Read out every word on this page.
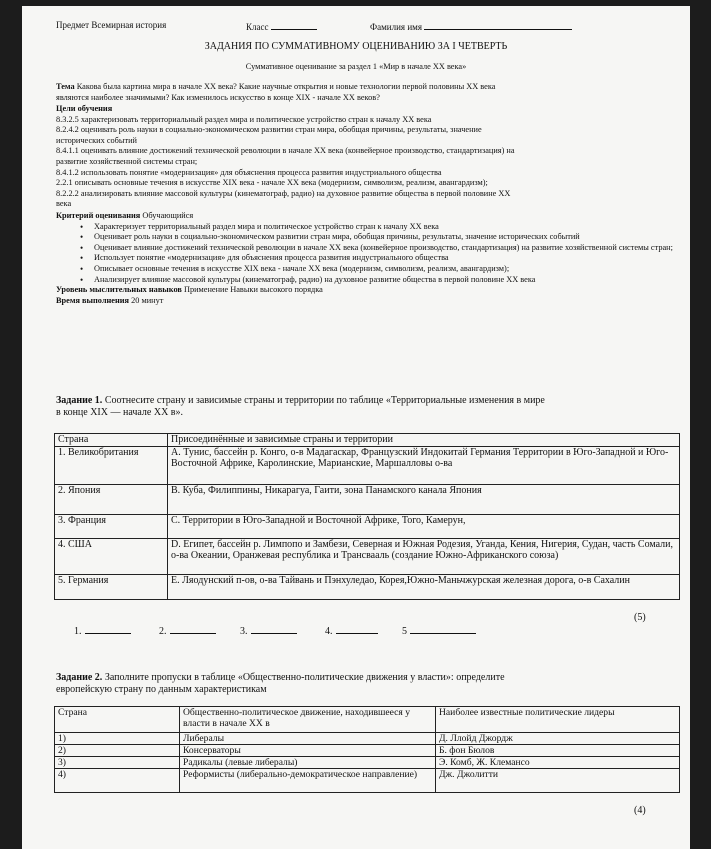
Предмет Всемирная история	Класс	Фамилия имя
ЗАДАНИЯ ПО СУММАТИВНОМУ ОЦЕНИВАНИЮ ЗА I ЧЕТВЕРТЬ
Суммативное оценивание за раздел 1 «Мир в начале ХХ века»

Тема Какова была картина мира в начале ХХ века? Какие научные открытия и новые технологии первой половины ХХ века

являются наиболее значимыми? Как изменилось искусство в конце XIX - начале ХХ веков?

Цели обучения

8.3.2.5 характеризовать территориальный раздел мира и политическое устройство стран к началу ХХ века

8.2.4.2 оценивать роль науки в социально-экономическом развитии стран мира, обобщая причины, результаты, значение

исторических событий

8.4.1.1 оценивать влияние достижений технической революции в начале ХХ века (конвейерное производство, стандартизация) на

развитие хозяйственной системы стран;

8.4.1.2 использовать понятие «модернизация» для объяснения процесса развития индустриального общества

2.2.1 описывать основные течения в искусстве XIX века - начале ХХ века (модернизм, символизм, реализм, авангардизм);

8.2.2.2 анализировать влияние массовой культуры (кинематограф, радио) на духовное развитие общества в первой половине ХХ

века

Критерий оценивания Обучающийся

• Характеризует территориальный раздел мира и политическое устройство стран к началу ХХ века
• Оценивает роль науки в социально-экономическом развитии стран мира, обобщая причины, результаты, значение исторических событий
• Оценивает влияние достижений технической революции в начале ХХ века (конвейерное производство, стандартизация) на развитие хозяйственной системы стран;
• Использует понятие «модернизация» для объяснения процесса развития индустриального общества
• Описывает основные течения в искусстве XIX века - начале ХХ века (модернизм, символизм, реализм, авангардизм);
• Анализирует влияние массовой культуры (кинематограф, радио) на духовное развитие общества в первой половине ХХ века

Уровень мыслительных навыков Применение Навыки высокого порядка

Время выполнения 20 минут

Задание 1. Соотнесите страну и зависимые страны и территории по таблице «Территориальные изменения в мире

в конце XIX — начале ХХ в».

Страна	Присоединённые и зависимые страны и территории
1. Великобритания	A. Тунис, бассейн р. Конго, о-в Мадагаскар, Французский Индокитай Германия Территории в Юго-Западной и Юго-Восточной Африке, Каролинские, Марианские, Маршалловы о-ва
2. Япония	B. Куба, Филиппины, Никарагуа, Гаити, зона Панамского канала Япония
3. Франция	C. Территории в Юго-Западной и Восточной Африке, Того, Камерун,
4. США	D. Египет, бассейн р. Лимпопо и Замбези, Северная и Южная Родезия, Уганда, Кения, Нигерия, Судан, часть Сомали, о-ва Океании, Оранжевая республика и Трансвааль (создание Южно-Африканского союза)
5. Германия	E. Ляодунский п-ов, о-ва Тайвань и Пэнхуледао, Корея,Южно-Маньчжурская железная дорога, о-в Сахалин
(5)
1.	2.	3.	4.	5

Задание 2. Заполните пропуски в таблице «Общественно-политические движения у власти»: определите

европейскую страну по данным характеристикам

Страна	Общественно-политическое движение, находившееся у власти в начале ХХ в	Наиболее известные политические лидеры
1)	Либералы	Д. Ллойд Джордж
2)	Консерваторы	Б. фон Бюлов
3)	Радикалы (левые либералы)	Э. Комб, Ж. Клемансо
4)	Реформисты (либерально-демократическое направление)	Дж. Джолитти
(4)
